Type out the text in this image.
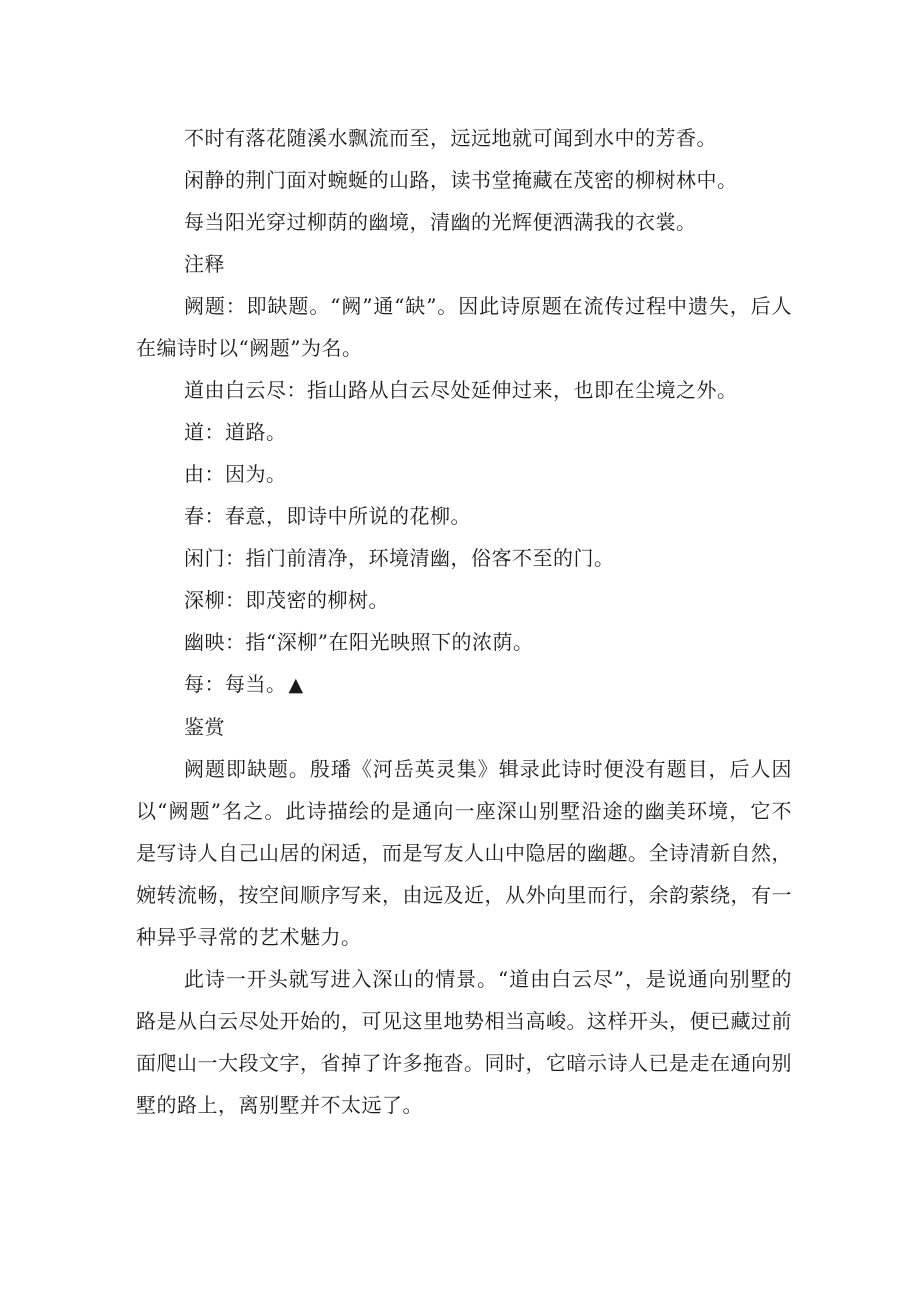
不时有落花随溪水飘流而至，远远地就可闻到水中的芳香。

闲静的荆门面对蜿蜒的山路，读书堂掩藏在茂密的柳树林中。

每当阳光穿过柳荫的幽境，清幽的光辉便洒满我的衣裳。

注释

阙题：即缺题。“阙”通“缺”。因此诗原题在流传过程中遗失，后人在编诗时以“阙题”为名。

道由白云尽：指山路从白云尽处延伸过来，也即在尘境之外。

道：道路。

由：因为。

春：春意，即诗中所说的花柳。

闲门：指门前清净，环境清幽，俗客不至的门。

深柳：即茂密的柳树。

幽映：指“深柳”在阳光映照下的浓荫。

每：每当。 ▲

鉴赏

阙题即缺题。殷璠《河岳英灵集》辑录此诗时便没有题目，后人因以“阙题”名之。此诗描绘的是通向一座深山别墅沿途的幽美环境，它不是写诗人自己山居的闲适，而是写友人山中隐居的幽趣。全诗清新自然，婉转流畅，按空间顺序写来，由远及近，从外向里而行，余韵萦绕，有一种异乎寻常的艺术魅力。

此诗一开头就写进入深山的情景。“道由白云尽”，是说通向别墅的路是从白云尽处开始的，可见这里地势相当高峻。这样开头，便已藏过前面爬山一大段文字，省掉了许多拖沓。同时，它暗示诗人已是走在通向别墅的路上，离别墅并不太远了。
